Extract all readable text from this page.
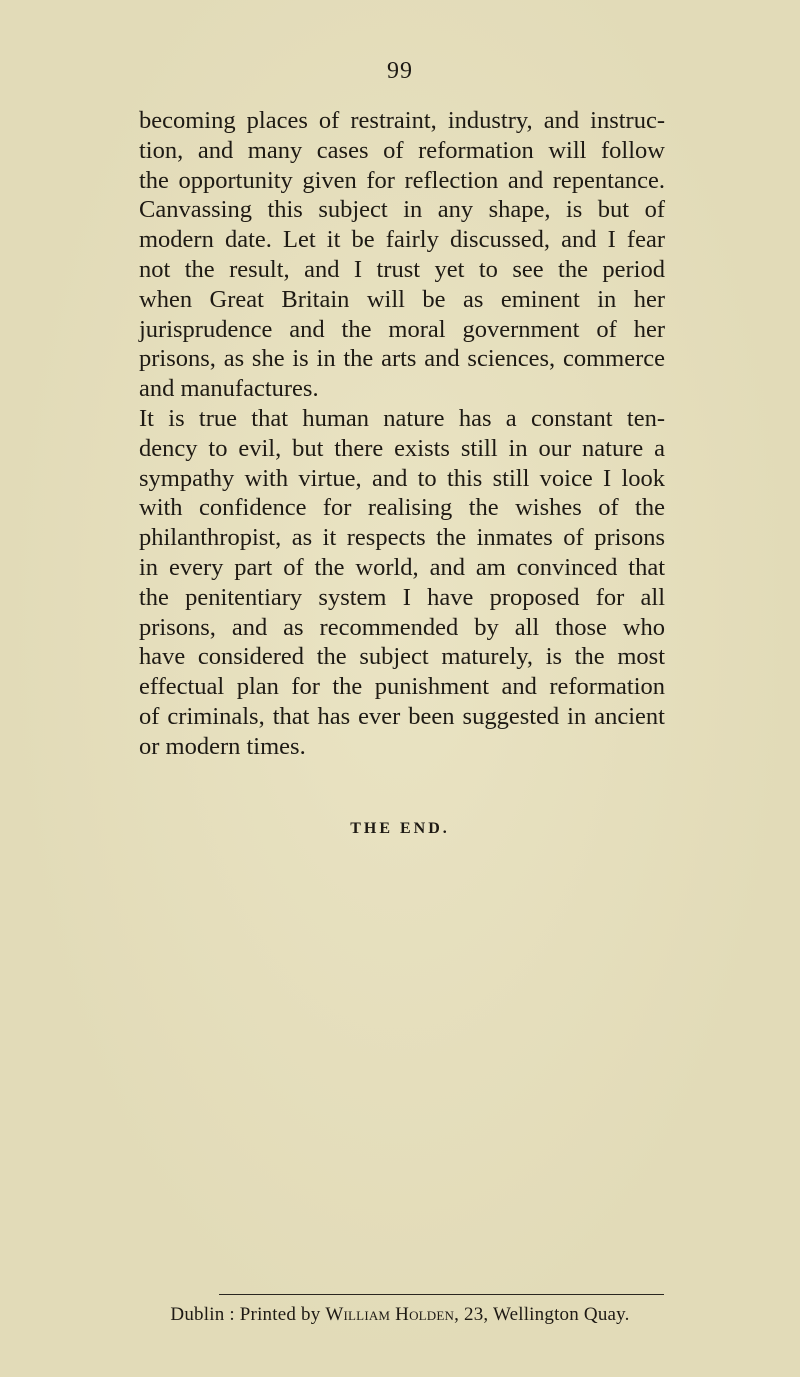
99
becoming places of restraint, industry, and instruc-
tion, and many cases of reformation will follow
the opportunity given for reflection and repentance.
Canvassing this subject in any shape, is but of
modern date. Let it be fairly discussed, and I fear
not the result, and I trust yet to see the period
when Great Britain will be as eminent in her
jurisprudence and the moral government of her
prisons, as she is in the arts and sciences, commerce
and manufactures.
It is true that human nature has a constant ten-
dency to evil, but there exists still in our nature a
sympathy with virtue, and to this still voice I look
with confidence for realising the wishes of the
philanthropist, as it respects the inmates of prisons
in every part of the world, and am convinced that
the penitentiary system I have proposed for all
prisons, and as recommended by all those who
have considered the subject maturely, is the most
effectual plan for the punishment and reformation
of criminals, that has ever been suggested in ancient
or modern times.
THE END.
Dublin : Printed by William Holden, 23, Wellington Quay.
